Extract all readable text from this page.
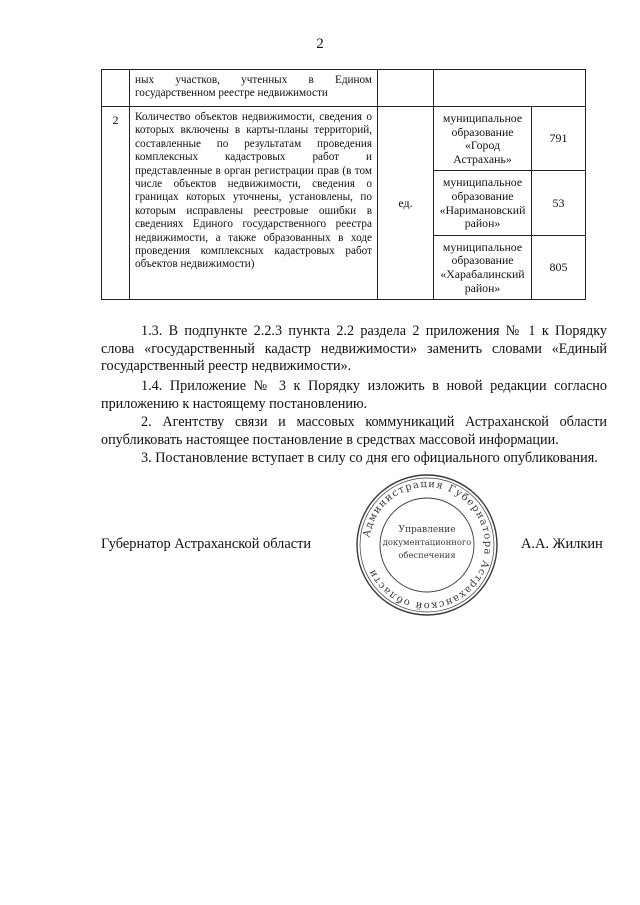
2
	ных участков, учтенных в Едином государственном реестре недвижимости			
2	Количество объектов недвижимости, сведения о которых включены в карты-планы территорий, составленные по результатам проведения комплексных кадастровых работ и представленные в орган регистрации прав (в том числе объектов недвижимости, сведения о границах которых уточнены, установлены, по которым исправлены реестровые ошибки в сведениях Единого государственного реестра недвижимости, а также образованных в ходе проведения комплексных кадастровых работ объектов недвижимости)	ед.	муниципальное образование «Город Астрахань»	791
			муниципальное образование «Наримановский район»	53
			муниципальное образование «Харабалинский район»	805

1.3. В подпункте 2.2.3 пункта 2.2 раздела 2 приложения № 1 к Порядку слова «государственный кадастр недвижимости» заменить словами «Единый государственный реестр недвижимости».

1.4. Приложение № 3 к Порядку изложить в новой редакции согласно приложению к настоящему постановлению.

2. Агентству связи и массовых коммуникаций Астраханской области опубликовать настоящее постановление в средствах массовой информации.

3. Постановление вступает в силу со дня его официального опубликования.

Губернатор Астраханской области	А.А. Жилкин
Администрация Губернатора Астраханской области
Управление
документационного
обеспечения
